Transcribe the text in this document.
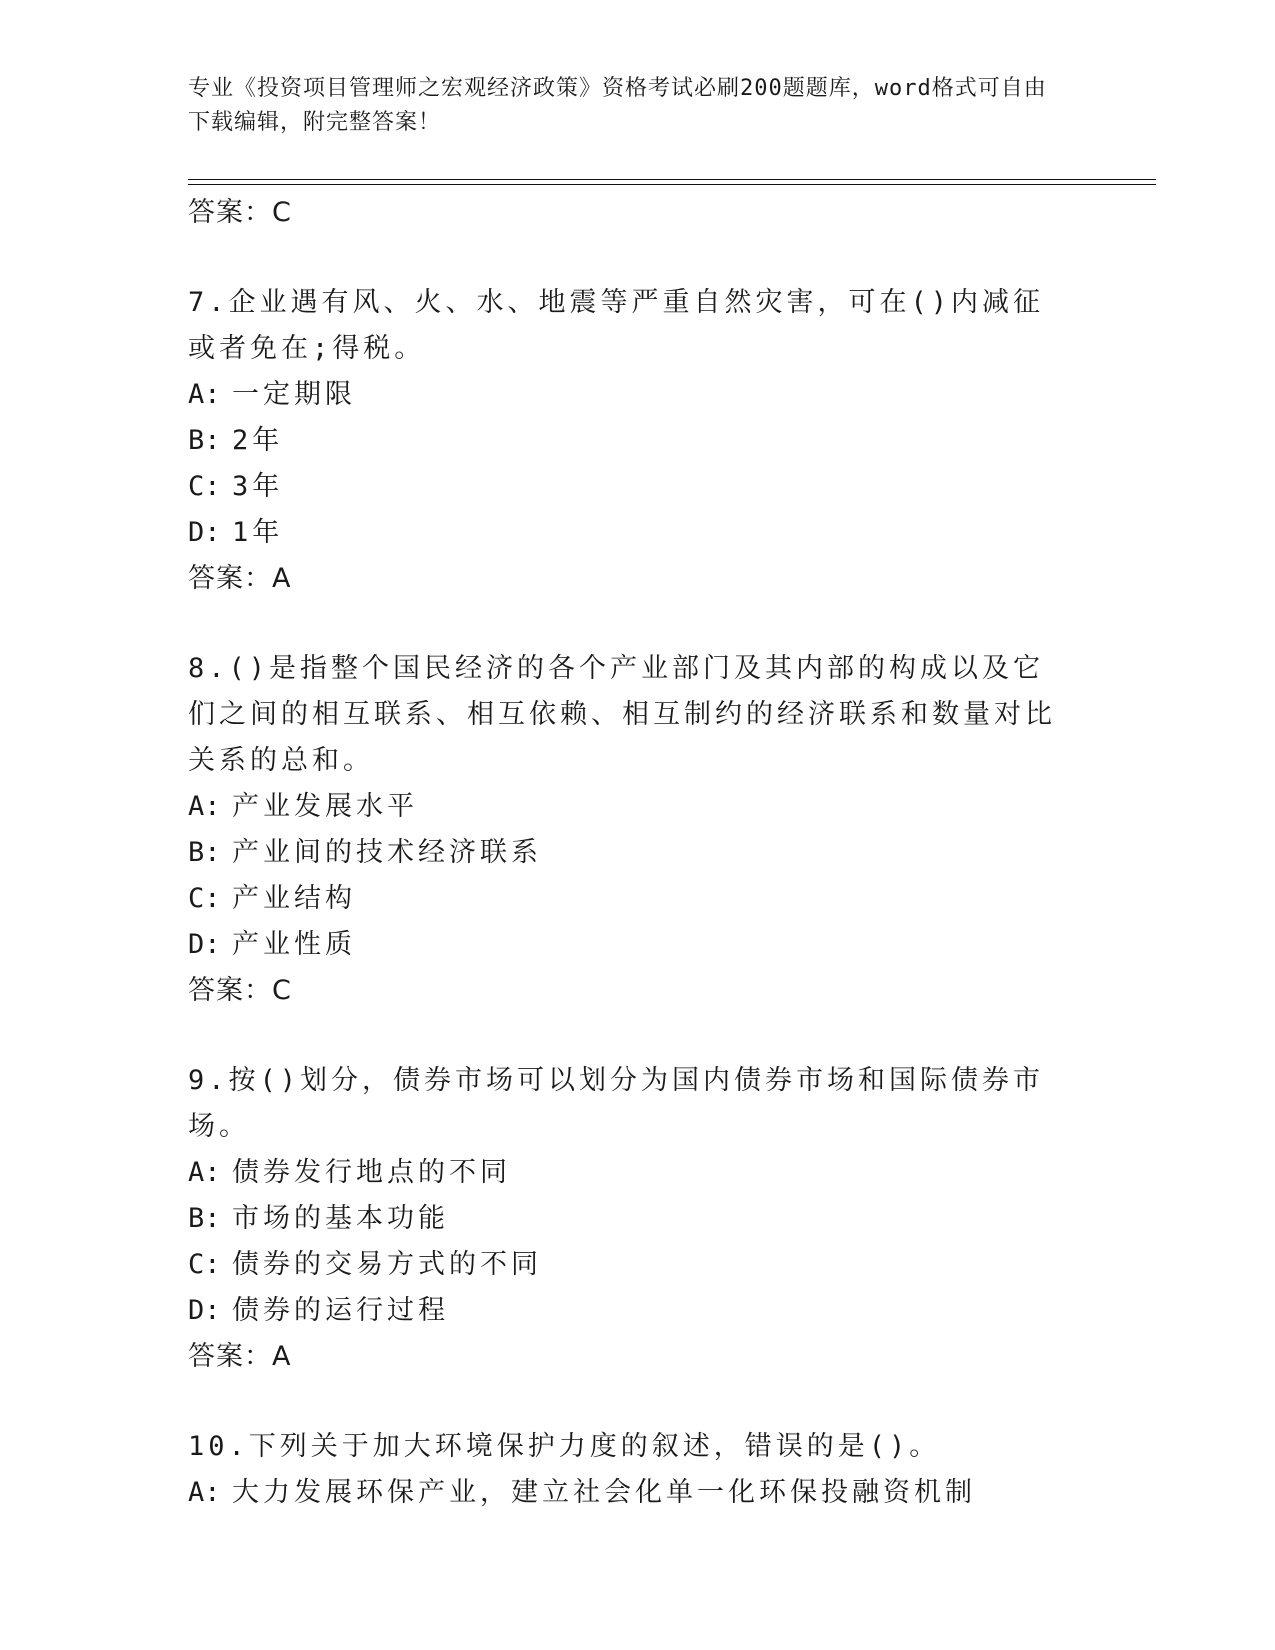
专业《投资项目管理师之宏观经济政策》资格考试必刷200题题库，word格式可自由下载编辑，附完整答案！
答案：C
7.企业遇有风、火、水、地震等严重自然灾害，可在()内减征或者免在;得税。
A: 一定期限
B: 2年
C: 3年
D: 1年
答案：A
8.()是指整个国民经济的各个产业部门及其内部的构成以及它们之间的相互联系、相互依赖、相互制约的经济联系和数量对比关系的总和。
A: 产业发展水平
B: 产业间的技术经济联系
C: 产业结构
D: 产业性质
答案：C
9.按()划分，债券市场可以划分为国内债券市场和国际债券市场。
A: 债券发行地点的不同
B: 市场的基本功能
C: 债券的交易方式的不同
D: 债券的运行过程
答案：A
10.下列关于加大环境保护力度的叙述，错误的是()。
A: 大力发展环保产业，建立社会化单一化环保投融资机制
